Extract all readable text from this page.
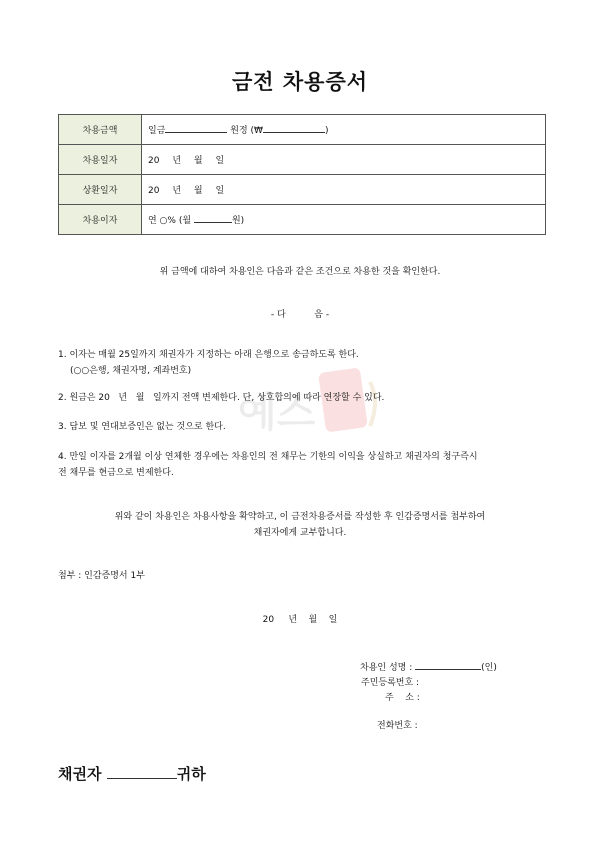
금전 차용증서
차용금액	일금 원정 (₩ )
차용일자	20 년 월 일
상환일자	20 년 월 일
차용이자	연 ○% (월 원)
위 금액에 대하여 차용인은 다음과 같은 조건으로 차용한 것을 확인한다.
- 다          음 -
예스
1. 이자는 매월 25일까지 채권자가 지정하는 아래 은행으로 송금하도록 한다.
(○○은행, 채권자명, 계좌번호)
2. 원금은 20   년   월   일까지 전액 변제한다. 단, 상호합의에 따라 연장할 수 있다.
3. 담보 및 연대보증인은 없는 것으로 한다.
4. 만일 이자를 2개월 이상 연체한 경우에는 차용인의 전 채무는 기한의 이익을 상실하고 채권자의 청구즉시
전 채무를 현금으로 변제한다.
위와 같이 차용인은 차용사항을 확약하고, 이 금전차용증서를 작성한 후 인감증명서를 첨부하여
채권자에게 교부합니다.
첨부 : 인감증명서 1부
20     년    월    일
차용인 성명 :	(인)
주민등록번호 :
주    소 :
전화번호 :
채권자	귀하
